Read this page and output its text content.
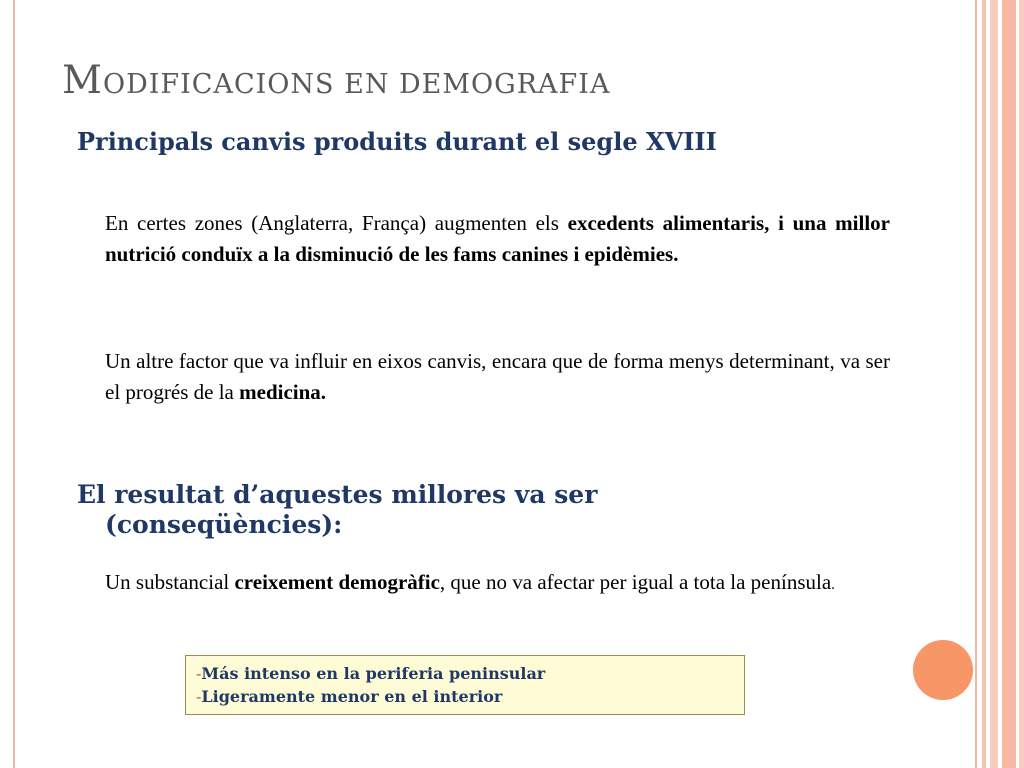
MODIFICACIONS EN DEMOGRAFIA
Principals canvis produits durant el segle XVIII

En certes zones (Anglaterra, França) augmenten els excedents alimentaris, i una millor nutrició conduïx a la disminució de les fams canines i epidèmies.

Un altre factor que va influir en eixos canvis, encara que de forma menys determinant, va ser el progrés de la medicina.

El resultat d’aquestes millores va ser
(conseqüències):

Un substancial creixement demogràfic, que no va afectar per igual a tota la península.

-Más intenso en la periferia peninsular
-Ligeramente menor en el interior
